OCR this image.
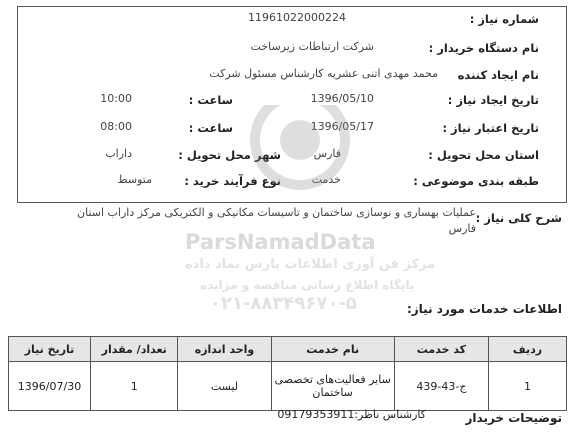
شماره نیاز :
11961022000224
نام دستگاه خریدار :
شرکت ارتباطات زیرساخت
نام ایجاد کننده
محمد مهدی اتنی عشریه کارشناس مسئول شرکت
تاریخ ایجاد نیاز :
1396/05/10
ساعت :
10:00
تاریخ اعتبار نیاز :
1396/05/17
ساعت :
08:00
استان محل تحویل :
فارس
شهر محل تحویل :
داراب
طبقه بندی موضوعی :
خدمت
نوع فرآیند خرید :
متوسط
شرح کلی نیاز :
عملیات بهساری و نوسازی ساختمان و تاسیسات مکانیکی و الکتریکی مرکز داراب استان
فارس
ParsNamadData
مرکز فن آوری اطلاعات پارس نماد داده
پایگاه اطلاع رسانی مناقصه و مزایده
۰۲۱-۸۸۳۴۹۶۷۰-۵	اطلاعات خدمات مورد نیاز:
ردیف	کد خدمت	نام خدمت	واحد اندازه	تعداد/ مقدار	تاریخ نیاز
1	ج-43-439	سایر فعالیت‌های تخصصی ساختمان	لیست	1	1396/07/30
توضیحات خریدار
کارشناس ناظر:09179353911
